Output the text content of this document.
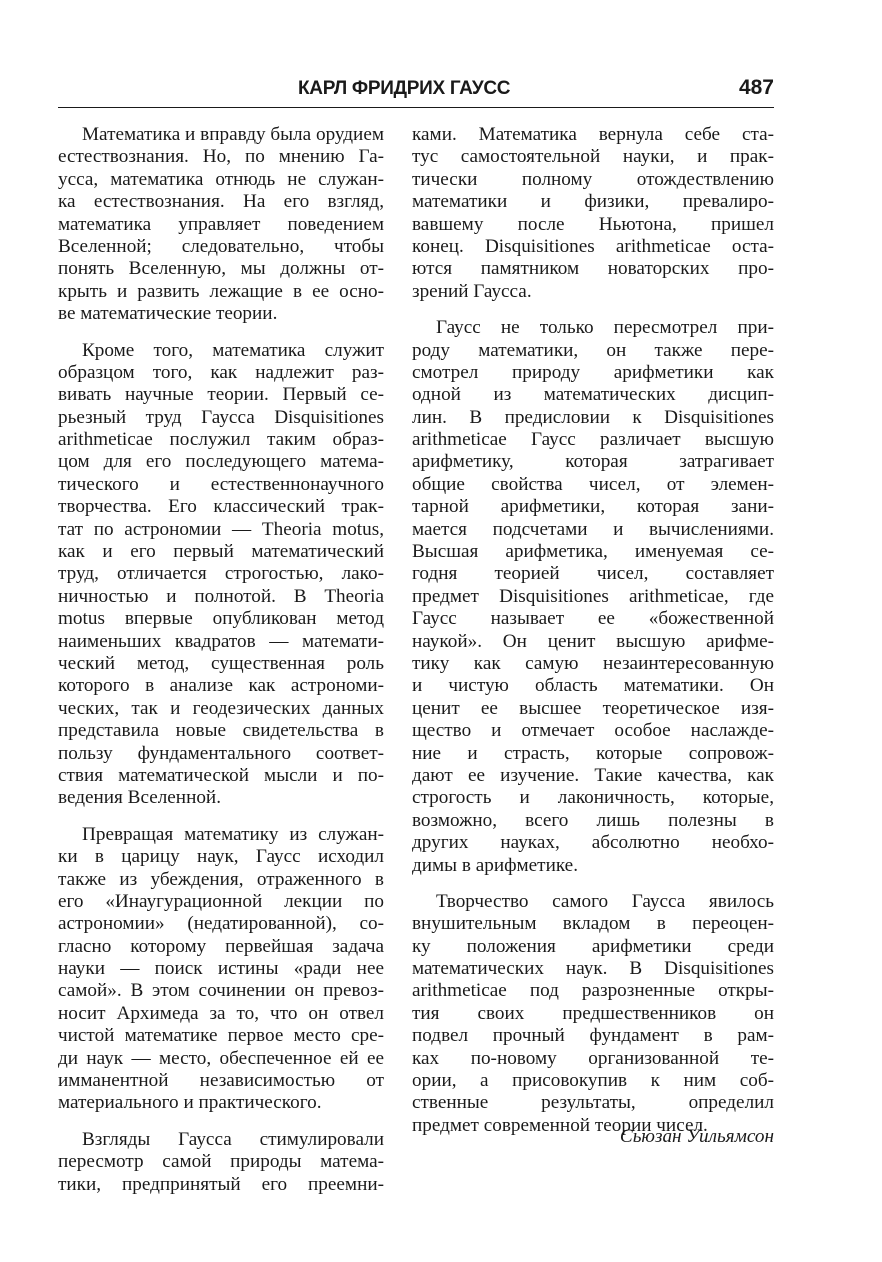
КАРЛ ФРИДРИХ ГАУСС	487

Математика и вправду была орудием
естествознания. Но, по мнению Га-
усса, математика отнюдь не служан-
ка естествознания. На его взгляд,
математика управляет поведением
Вселенной; следовательно, чтобы
понять Вселенную, мы должны от-
крыть и развить лежащие в ее осно-
ве математические теории.

Кроме того, математика служит
образцом того, как надлежит раз-
вивать научные теории. Первый се-
рьезный труд Гаусса Disquisitiones
arithmeticae послужил таким образ-
цом для его последующего матема-
тического и естественнонаучного
творчества. Его классический трак-
тат по астрономии — Theoria motus,
как и его первый математический
труд, отличается строгостью, лако-
ничностью и полнотой. В Theoria
motus впервые опубликован метод
наименьших квадратов — математи-
ческий метод, существенная роль
которого в анализе как астрономи-
ческих, так и геодезических данных
представила новые свидетельства в
пользу фундаментального соответ-
ствия математической мысли и по-
ведения Вселенной.

Превращая математику из служан-
ки в царицу наук, Гаусс исходил
также из убеждения, отраженного в
его «Инаугурационной лекции по
астрономии» (недатированной), со-
гласно которому первейшая задача
науки — поиск истины «ради нее
самой». В этом сочинении он превоз-
носит Архимеда за то, что он отвел
чистой математике первое место сре-
ди наук — место, обеспеченное ей ее
имманентной независимостью от
материального и практического.

Взгляды Гаусса стимулировали
пересмотр самой природы матема-
тики, предпринятый его преемни-

ками. Математика вернула себе ста-
тус самостоятельной науки, и прак-
тически полному отождествлению
математики и физики, превалиро-
вавшему после Ньютона, пришел
конец. Disquisitiones arithmeticae оста-
ются памятником новаторских про-
зрений Гаусса.

Гаусс не только пересмотрел при-
роду математики, он также пере-
смотрел природу арифметики как
одной из математических дисцип-
лин. В предисловии к Disquisitiones
arithmeticae Гаусс различает высшую
арифметику, которая затрагивает
общие свойства чисел, от элемен-
тарной арифметики, которая зани-
мается подсчетами и вычислениями.
Высшая арифметика, именуемая се-
годня теорией чисел, составляет
предмет Disquisitiones arithmeticae, где
Гаусс называет ее «божественной
наукой». Он ценит высшую арифме-
тику как самую незаинтересованную
и чистую область математики. Он
ценит ее высшее теоретическое изя-
щество и отмечает особое наслажде-
ние и страсть, которые сопровож-
дают ее изучение. Такие качества, как
строгость и лаконичность, которые,
возможно, всего лишь полезны в
других науках, абсолютно необхо-
димы в арифметике.

Творчество самого Гаусса явилось
внушительным вкладом в переоцен-
ку положения арифметики среди
математических наук. В Disquisitiones
arithmeticae под разрозненные откры-
тия своих предшественников он
подвел прочный фундамент в рам-
ках по-новому организованной те-
ории, а присовокупив к ним соб-
ственные результаты, определил
предмет современной теории чисел.

Сьюзан Уильямсон
